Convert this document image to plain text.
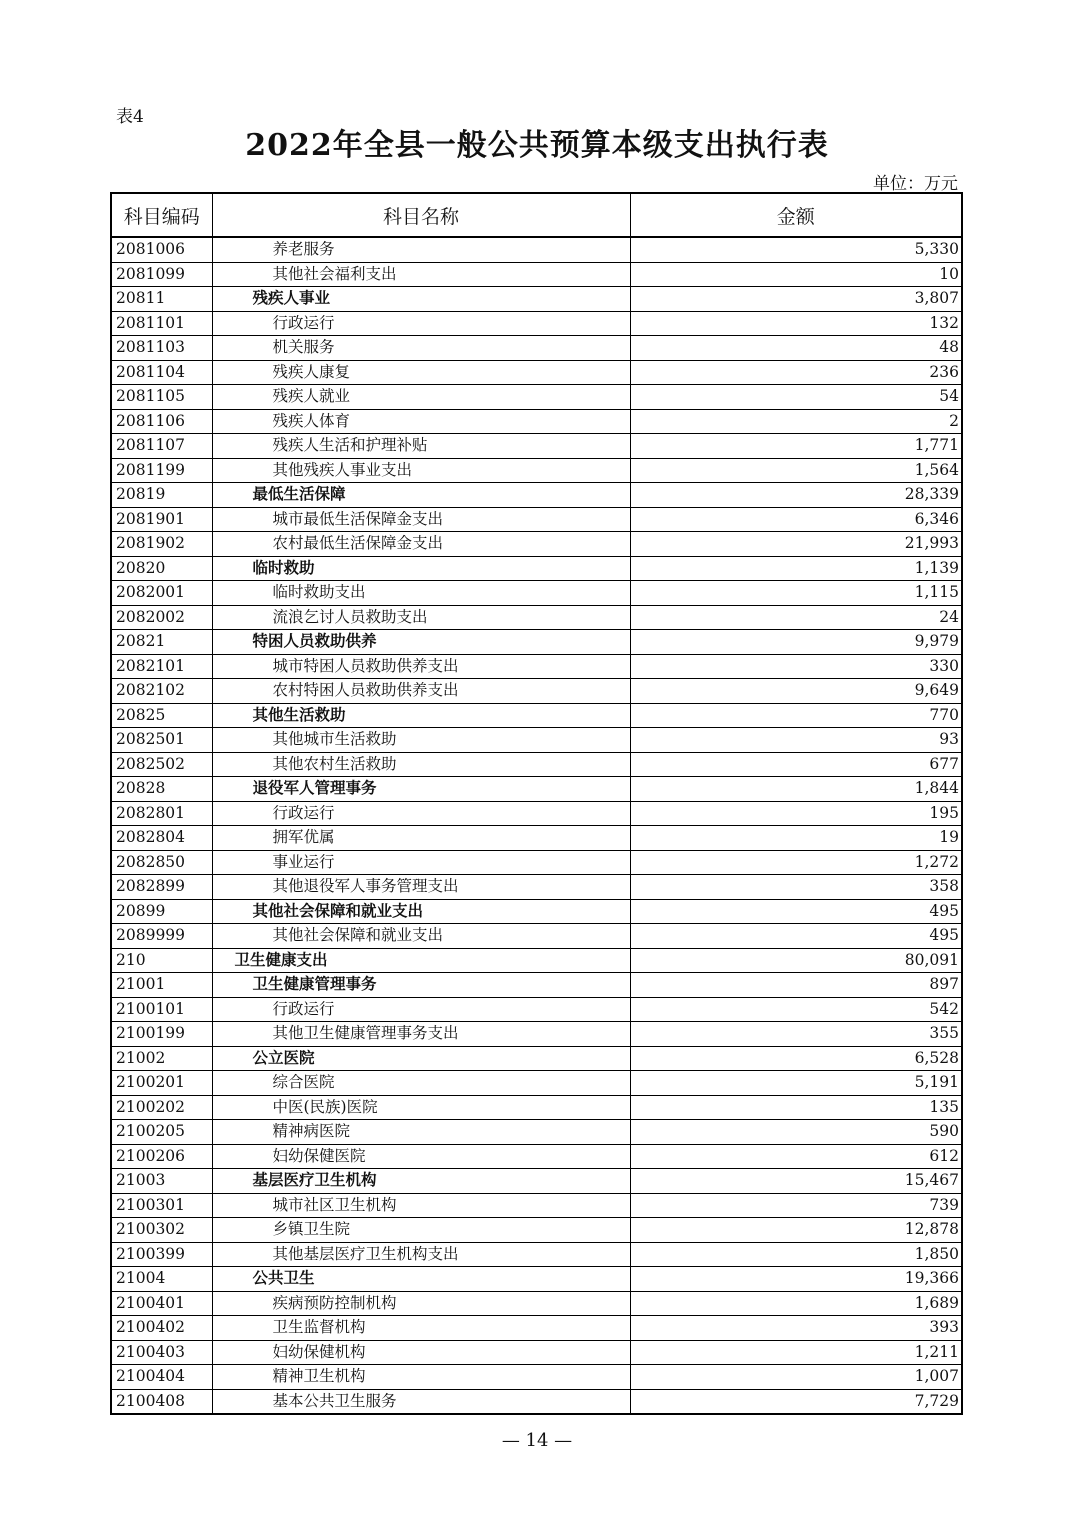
表4
2022年全县一般公共预算本级支出执行表
单位：万元
科目编码	科目名称	金额
2081006	养老服务	5,330
2081099	其他社会福利支出	10
20811	残疾人事业	3,807
2081101	行政运行	132
2081103	机关服务	48
2081104	残疾人康复	236
2081105	残疾人就业	54
2081106	残疾人体育	2
2081107	残疾人生活和护理补贴	1,771
2081199	其他残疾人事业支出	1,564
20819	最低生活保障	28,339
2081901	城市最低生活保障金支出	6,346
2081902	农村最低生活保障金支出	21,993
20820	临时救助	1,139
2082001	临时救助支出	1,115
2082002	流浪乞讨人员救助支出	24
20821	特困人员救助供养	9,979
2082101	城市特困人员救助供养支出	330
2082102	农村特困人员救助供养支出	9,649
20825	其他生活救助	770
2082501	其他城市生活救助	93
2082502	其他农村生活救助	677
20828	退役军人管理事务	1,844
2082801	行政运行	195
2082804	拥军优属	19
2082850	事业运行	1,272
2082899	其他退役军人事务管理支出	358
20899	其他社会保障和就业支出	495
2089999	其他社会保障和就业支出	495
210	卫生健康支出	80,091
21001	卫生健康管理事务	897
2100101	行政运行	542
2100199	其他卫生健康管理事务支出	355
21002	公立医院	6,528
2100201	综合医院	5,191
2100202	中医(民族)医院	135
2100205	精神病医院	590
2100206	妇幼保健医院	612
21003	基层医疗卫生机构	15,467
2100301	城市社区卫生机构	739
2100302	乡镇卫生院	12,878
2100399	其他基层医疗卫生机构支出	1,850
21004	公共卫生	19,366
2100401	疾病预防控制机构	1,689
2100402	卫生监督机构	393
2100403	妇幼保健机构	1,211
2100404	精神卫生机构	1,007
2100408	基本公共卫生服务	7,729
— 14 —
